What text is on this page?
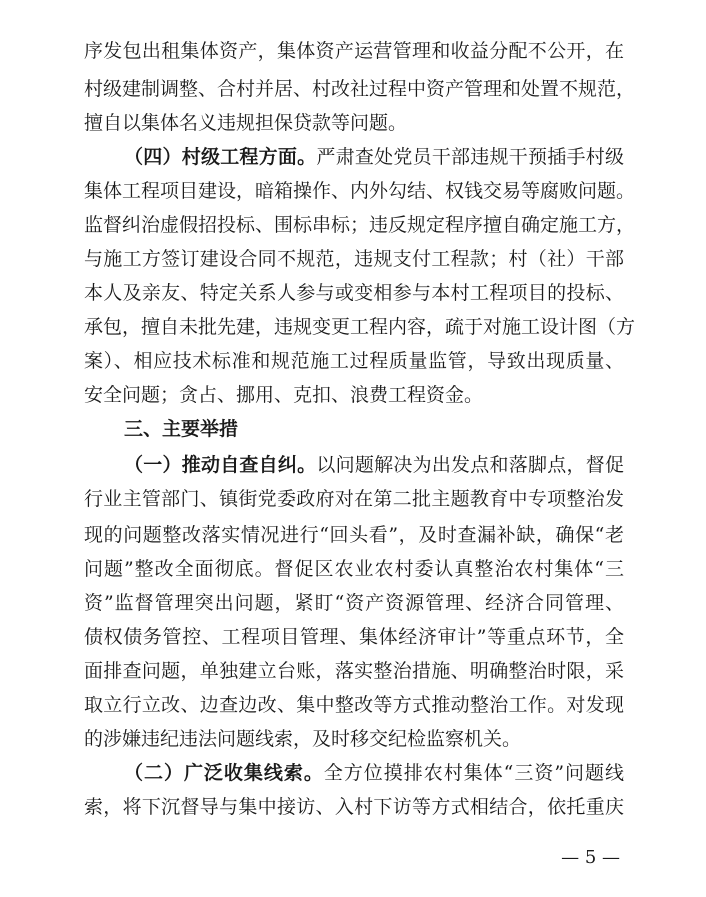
序发包出租集体资产，集体资产运营管理和收益分配不公开，在
村级建制调整、合村并居、村改社过程中资产管理和处置不规范，
擅自以集体名义违规担保贷款等问题。
（四）村级工程方面。严肃查处党员干部违规干预插手村级
集体工程项目建设，暗箱操作、内外勾结、权钱交易等腐败问题。
监督纠治虚假招投标、围标串标；违反规定程序擅自确定施工方，
与施工方签订建设合同不规范，违规支付工程款；村（社）干部
本人及亲友、特定关系人参与或变相参与本村工程项目的投标、
承包，擅自未批先建，违规变更工程内容，疏于对施工设计图（方
案）、相应技术标准和规范施工过程质量监管，导致出现质量、
安全问题；贪占、挪用、克扣、浪费工程资金。
三、主要举措
（一）推动自查自纠。以问题解决为出发点和落脚点，督促
行业主管部门、镇街党委政府对在第二批主题教育中专项整治发
现的问题整改落实情况进行“回头看”，及时查漏补缺，确保“老
问题”整改全面彻底。督促区农业农村委认真整治农村集体“三
资”监督管理突出问题，紧盯“资产资源管理、经济合同管理、
债权债务管控、工程项目管理、集体经济审计”等重点环节，全
面排查问题，单独建立台账，落实整治措施、明确整治时限，采
取立行立改、边查边改、集中整改等方式推动整治工作。对发现
的涉嫌违纪违法问题线索，及时移交纪检监察机关。
（二）广泛收集线索。全方位摸排农村集体“三资”问题线
索，将下沉督导与集中接访、入村下访等方式相结合，依托重庆
— 5 —
